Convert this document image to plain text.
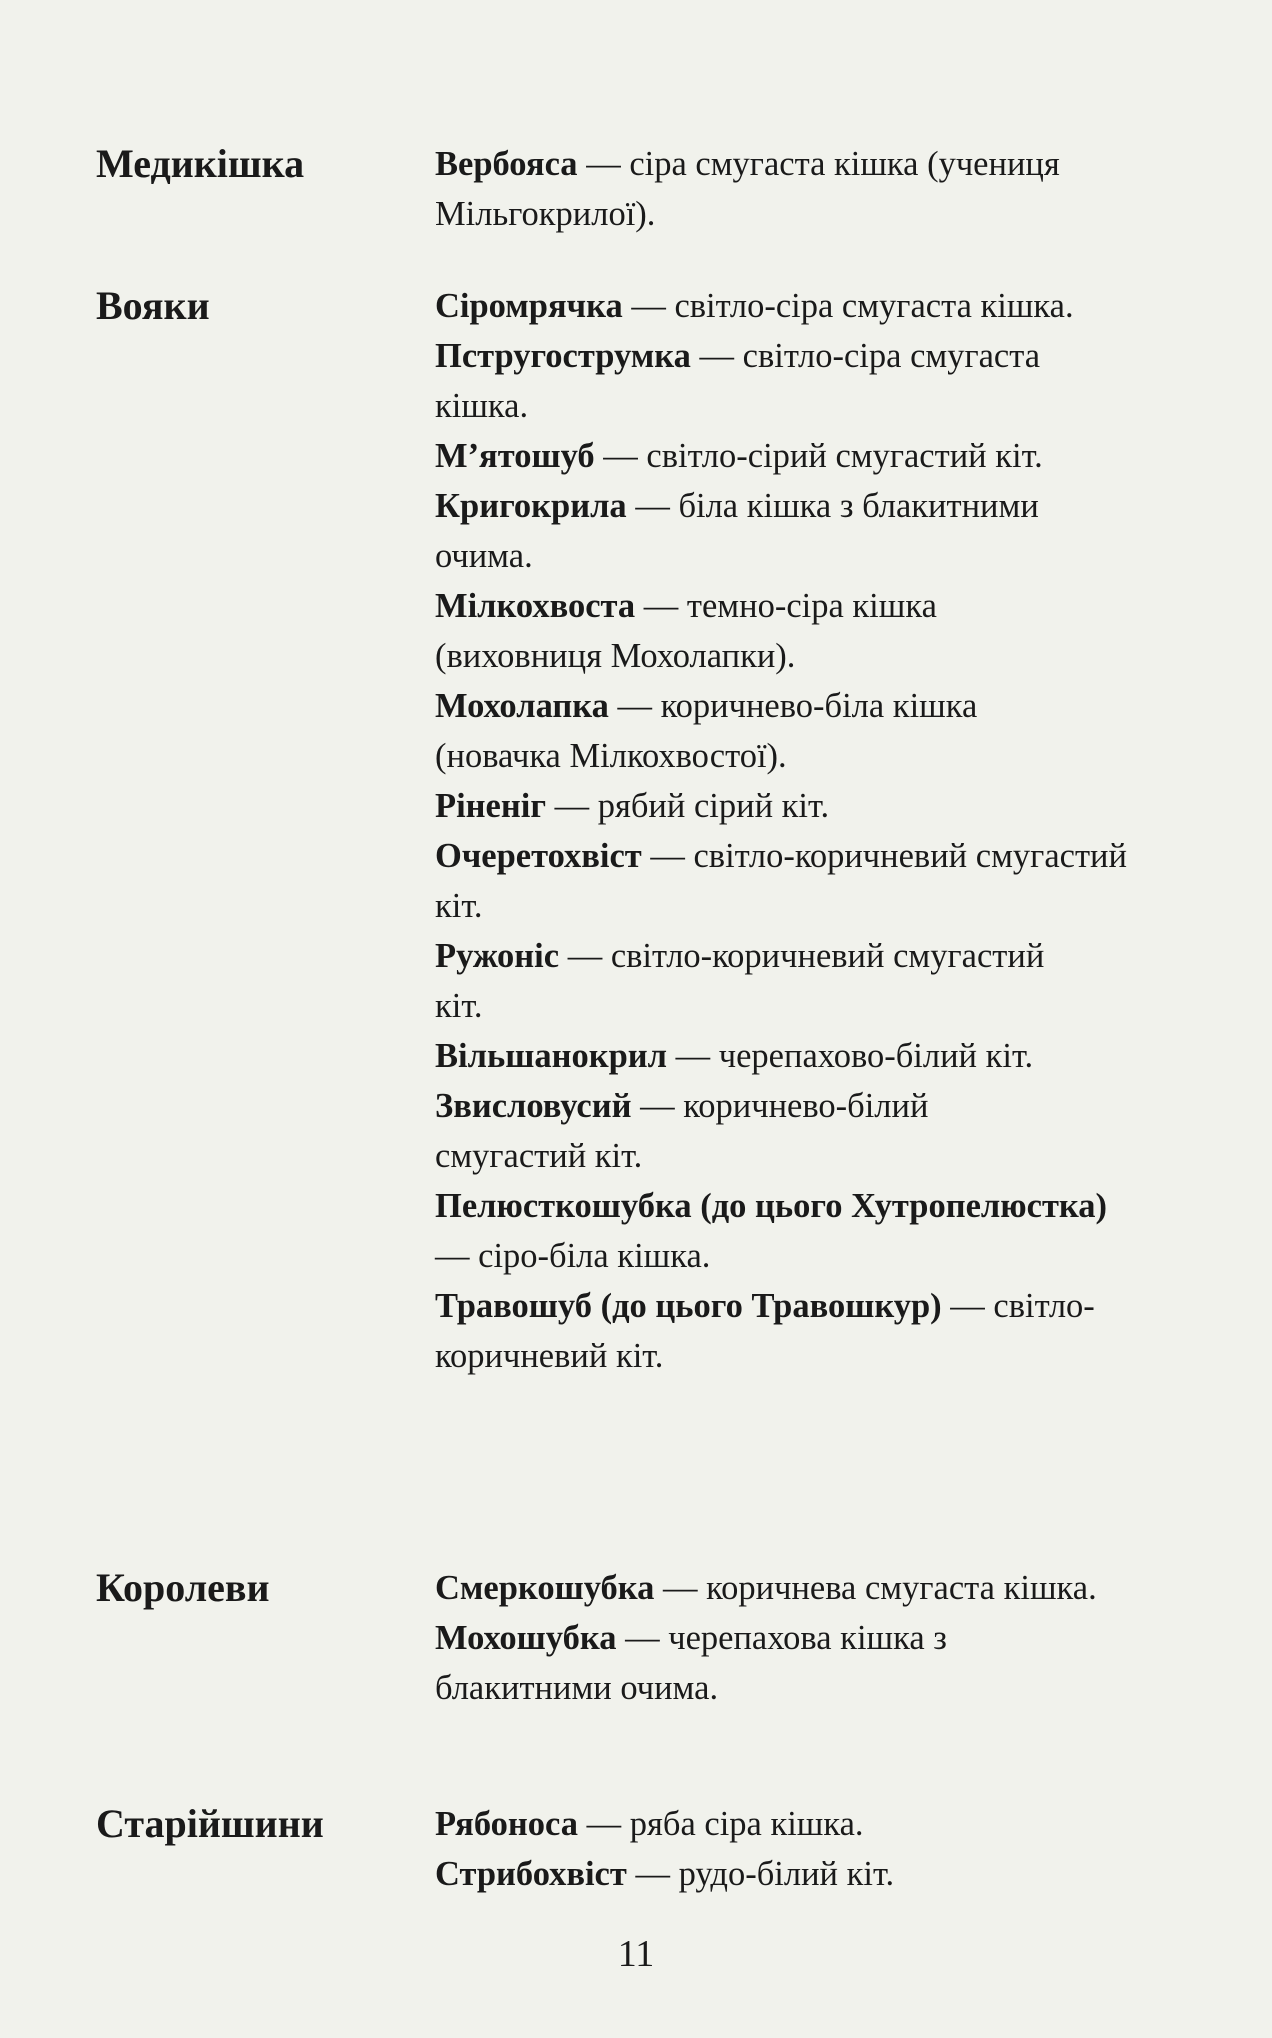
Медикішка	Вербояса — сіра смугаста кішка (учениця Мільгокрилої).
Вояки	Сіромрячка — світло-сіра смугаста кішка.
Пстругострумка — світло-сіра смугаста кішка.
М’ятошуб — світло-сірий смугастий кіт.
Кригокрила — біла кішка з блакитними очима.
Мілкохвоста — темно-сіра кішка (виховниця Мохолапки).
Мохолапка — коричнево-біла кішка (новачка Мілкохвостої).
Ріненіг — рябий сірий кіт.
Очеретохвіст — світло-коричневий смугастий кіт.
Ружоніс — світло-коричневий смугастий кіт.
Вільшанокрил — черепахово-білий кіт.
Звисловусий — коричнево-білий смугастий кіт.
Пелюсткошубка (до цього Хутропелюстка) — сіро-біла кішка.
Травошуб (до цього Травошкур) — світло-коричневий кіт.
Королеви	Смеркошубка — коричнева смугаста кішка.
Мохошубка — черепахова кішка з блакитними очима.
Старійшини	Рябоноса — ряба сіра кішка.
Стрибохвіст — рудо-білий кіт.
11
